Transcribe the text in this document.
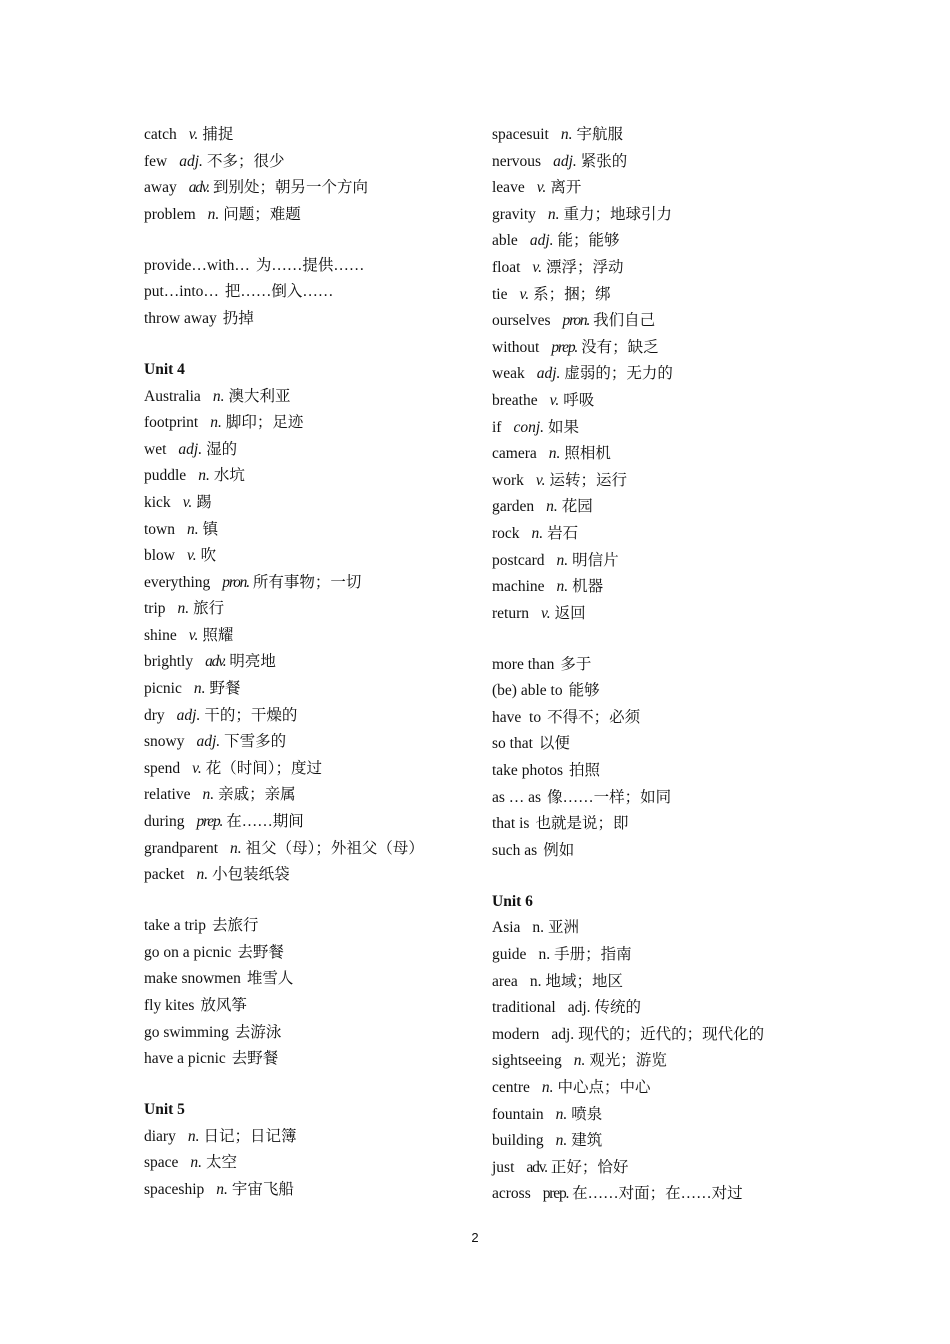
catch v. 捕捉
few adj. 不多；很少
away adv. 到别处；朝另一个方向
problem n. 问题；难题
provide…with… 为……提供……
put…into… 把……倒入……
throw away 扔掉
Unit 4
Australia n. 澳大利亚
footprint n. 脚印；足迹
wet adj. 湿的
puddle n. 水坑
kick v. 踢
town n. 镇
blow v. 吹
everything pron. 所有事物；一切
trip n. 旅行
shine v. 照耀
brightly adv. 明亮地
picnic n. 野餐
dry adj. 干的；干燥的
snowy adj. 下雪多的
spend v. 花（时间）；度过
relative n. 亲戚；亲属
during prep. 在……期间
grandparent n. 祖父（母）；外祖父（母）
packet n. 小包装纸袋
take a trip 去旅行
go on a picnic 去野餐
make snowmen 堆雪人
fly kites 放风筝
go swimming 去游泳
have a picnic 去野餐
Unit 5
diary n. 日记；日记簿
space n. 太空
spaceship n. 宇宙飞船
spacesuit n. 宇航服
nervous adj. 紧张的
leave v. 离开
gravity n. 重力；地球引力
able adj. 能；能够
float v. 漂浮；浮动
tie v. 系；捆；绑
ourselves pron. 我们自己
without prep. 没有；缺乏
weak adj. 虚弱的；无力的
breathe v. 呼吸
if conj. 如果
camera n. 照相机
work v. 运转；运行
garden n. 花园
rock n. 岩石
postcard n. 明信片
machine n. 机器
return v. 返回
more than 多于
(be) able to 能够
have  to 不得不；必须
so that 以便
take photos 拍照
as … as 像……一样；如同
that is 也就是说；即
such as 例如
Unit 6
Asia n. 亚洲
guide n. 手册；指南
area n. 地域；地区
traditional adj. 传统的
modern adj. 现代的；近代的；现代化的
sightseeing n. 观光；游览
centre n. 中心点；中心
fountain n. 喷泉
building n. 建筑
just adv. 正好；恰好
across prep. 在……对面；在……对过
2
